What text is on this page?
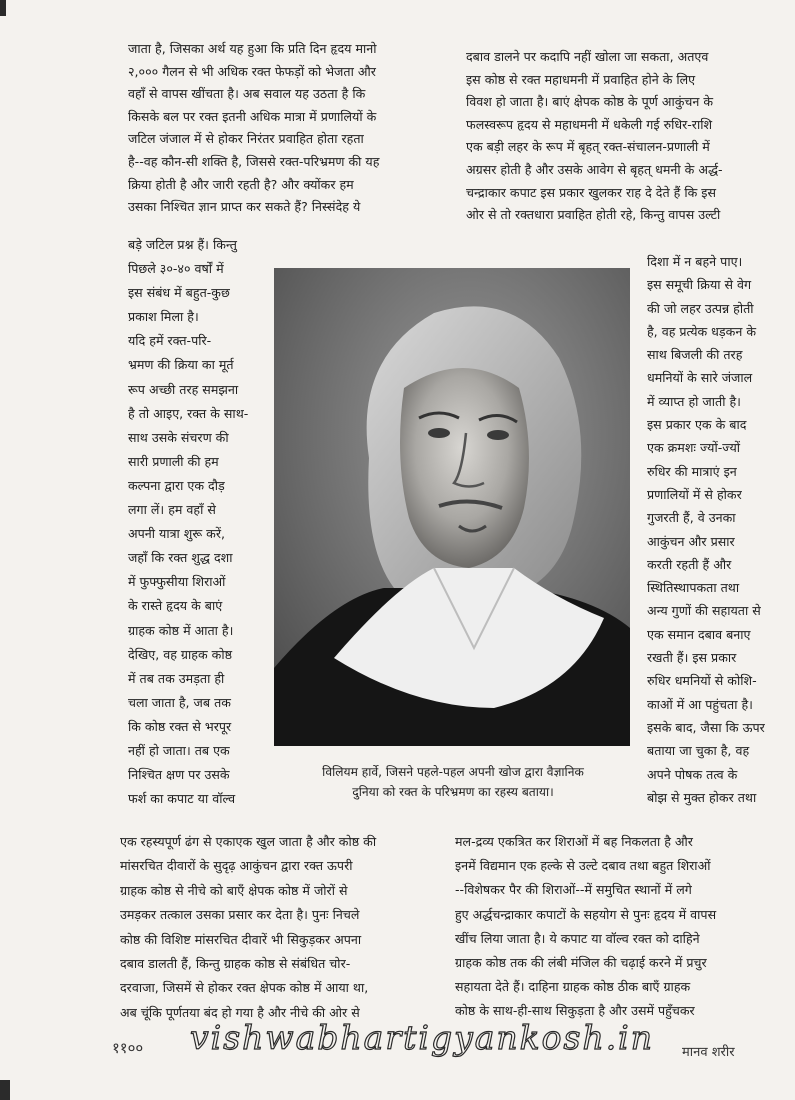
जाता है, जिसका अर्थ यह हुआ कि प्रति दिन हृदय मानो
२,००० गैलन से भी अधिक रक्त फेफड़ों को भेजता और
वहाँ से वापस खींचता है। अब सवाल यह उठता है कि
किसके बल पर रक्त इतनी अधिक मात्रा में प्रणालियों के
जटिल जंजाल में से होकर निरंतर प्रवाहित होता रहता
है--वह कौन-सी शक्ति है, जिससे रक्त-परिभ्रमण की यह
क्रिया होती है और जारी रहती है? और क्योंकर हम
उसका निश्चित ज्ञान प्राप्त कर सकते हैं? निस्संदेह ये
दबाव डालने पर कदापि नहीं खोला जा सकता, अतएव
इस कोष्ठ से रक्त महाधमनी में प्रवाहित होने के लिए
विवश हो जाता है। बाएं क्षेपक कोष्ठ के पूर्ण आकुंचन के
फलस्वरूप हृदय से महाधमनी में धकेली गई रुधिर-राशि
एक बड़ी लहर के रूप में बृहत् रक्त-संचालन-प्रणाली में
अग्रसर होती है और उसके आवेग से बृहत् धमनी के अर्द्ध-
चन्द्राकार कपाट इस प्रकार खुलकर राह दे देते हैं कि इस
ओर से तो रक्तधारा प्रवाहित होती रहे, किन्तु वापस उल्टी
बड़े जटिल प्रश्न हैं। किन्तु
पिछले ३०-४० वर्षों में
इस संबंध में बहुत-कुछ
प्रकाश मिला है।
यदि हमें रक्त-परि-
भ्रमण की क्रिया का मूर्त
रूप अच्छी तरह समझना
है तो आइए, रक्त के साथ-
साथ उसके संचरण की
सारी प्रणाली की हम
कल्पना द्वारा एक दौड़
लगा लें। हम वहाँ से
अपनी यात्रा शुरू करें,
जहाँ कि रक्त शुद्ध दशा
में फुफ्फुसीया शिराओं
के रास्ते हृदय के बाएं
ग्राहक कोष्ठ में आता है।
देखिए, वह ग्राहक कोष्ठ
में तब तक उमड़ता ही
चला जाता है, जब तक
कि कोष्ठ रक्त से भरपूर
नहीं हो जाता। तब एक
निश्चित क्षण पर उसके
फर्श का कपाट या वॉल्व
दिशा में न बहने पाए।
इस समूची क्रिया से वेग
की जो लहर उत्पन्न होती
है, वह प्रत्येक धड़कन के
साथ बिजली की तरह
धमनियों के सारे जंजाल
में व्याप्त हो जाती है।
इस प्रकार एक के बाद
एक क्रमशः ज्यों-ज्यों
रुधिर की मात्राएं इन
प्रणालियों में से होकर
गुजरती हैं, वे उनका
आकुंचन और प्रसार
करती रहती हैं और
स्थितिस्थापकता तथा
अन्य गुणों की सहायता से
एक समान दबाव बनाए
रखती हैं। इस प्रकार
रुधिर धमनियों से कोशि-
काओं में आ पहुंचता है।
इसके बाद, जैसा कि ऊपर
बताया जा चुका है, वह
अपने पोषक तत्व के
बोझ से मुक्त होकर तथा
विलियम हार्वे, जिसने पहले-पहल अपनी खोज द्वारा वैज्ञानिक
दुनिया को रक्त के परिभ्रमण का रहस्य बताया।
एक रहस्यपूर्ण ढंग से एकाएक खुल जाता है और कोष्ठ की
मांसरचित दीवारों के सुदृढ़ आकुंचन द्वारा रक्त ऊपरी
ग्राहक कोष्ठ से नीचे को बाएँ क्षेपक कोष्ठ में जोरों से
उमड़कर तत्काल उसका प्रसार कर देता है। पुनः निचले
कोष्ठ की विशिष्ट मांसरचित दीवारें भी सिकुड़कर अपना
दबाव डालती हैं, किन्तु ग्राहक कोष्ठ से संबंधित चोर-
दरवाजा, जिसमें से होकर रक्त क्षेपक कोष्ठ में आया था,
अब चूंकि पूर्णतया बंद हो गया है और नीचे की ओर से
मल-द्रव्य एकत्रित कर शिराओं में बह निकलता है और
इनमें विद्यमान एक हल्के से उल्टे दबाव तथा बहुत शिराओं
--विशेषकर पैर की शिराओं--में समुचित स्थानों में लगे
हुए अर्द्धचन्द्राकार कपाटों के सहयोग से पुनः हृदय में वापस
खींच लिया जाता है। ये कपाट या वॉल्व रक्त को दाहिने
ग्राहक कोष्ठ तक की लंबी मंजिल की चढ़ाई करने में प्रचुर
सहायता देते हैं। दाहिना ग्राहक कोष्ठ ठीक बाएँ ग्राहक
कोष्ठ के साथ-ही-साथ सिकुड़ता है और उसमें पहुँचकर
११०० vishwabhartigyankosh.in मानव शरीर
